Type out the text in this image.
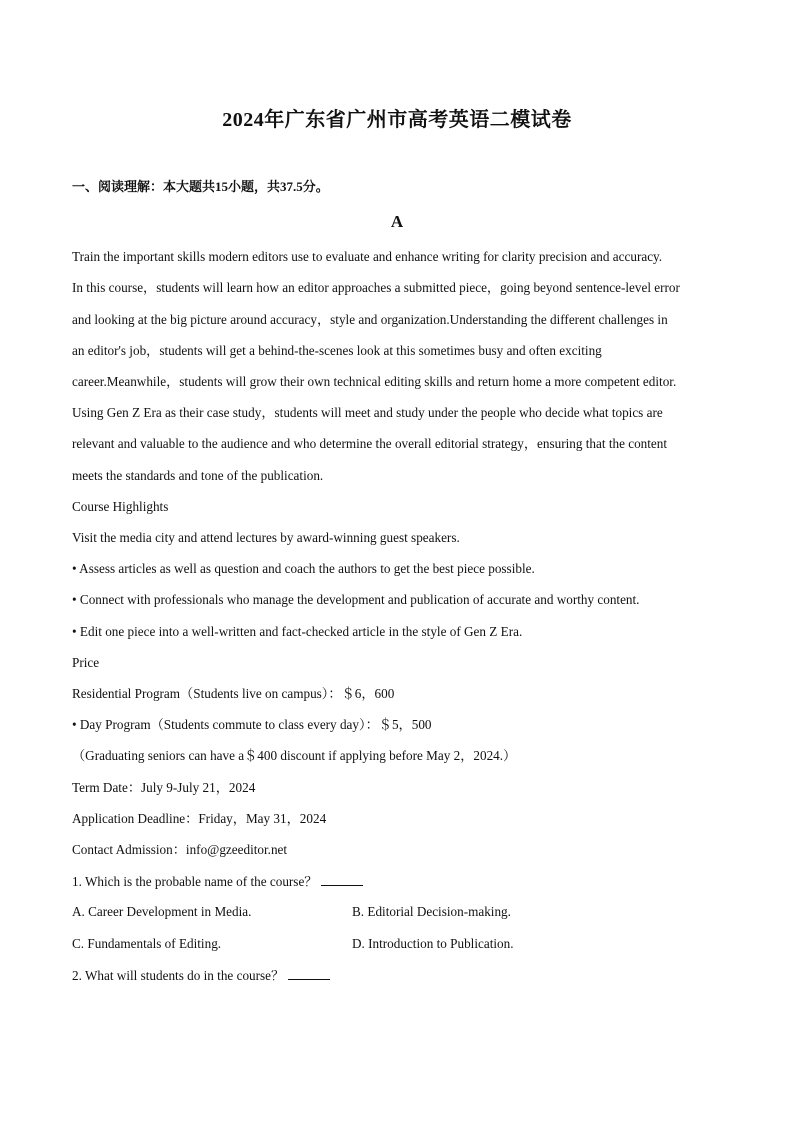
2024年广东省广州市高考英语二模试卷
一、阅读理解：本大题共15小题，共37.5分。
A
Train the important skills modern editors use to evaluate and enhance writing for clarity precision and accuracy.
In this course，students will learn how an editor approaches a submitted piece，going beyond sentence-level error
and looking at the big picture around accuracy，style and organization.Understanding the different challenges in
an editor's job，students will get a behind-the-scenes look at this sometimes busy and often exciting
career.Meanwhile，students will grow their own technical editing skills and return home a more competent editor.
Using Gen Z Era as their case study，students will meet and study under the people who decide what topics are
relevant and valuable to the audience and who determine the overall editorial strategy，ensuring that the content
meets the standards and tone of the publication.
Course Highlights
Visit the media city and attend lectures by award-winning guest speakers.
• Assess articles as well as question and coach the authors to get the best piece possible.
• Connect with professionals who manage the development and publication of accurate and worthy content.
• Edit one piece into a well-written and fact-checked article in the style of Gen Z Era.
Price
Residential Program（Students live on campus）：＄6，600
• Day Program（Students commute to class every day）：＄5，500
（Graduating seniors can have a＄400 discount if applying before May 2，2024.）
Term Date：July 9-July 21，2024
Application Deadline：Friday，May 31，2024
Contact Admission：info@gzeeditor.net
1. Which is the probable name of the course？
A. Career Development in Media.	B. Editorial Decision-making.
C. Fundamentals of Editing.	D. Introduction to Publication.
2. What will students do in the course？
